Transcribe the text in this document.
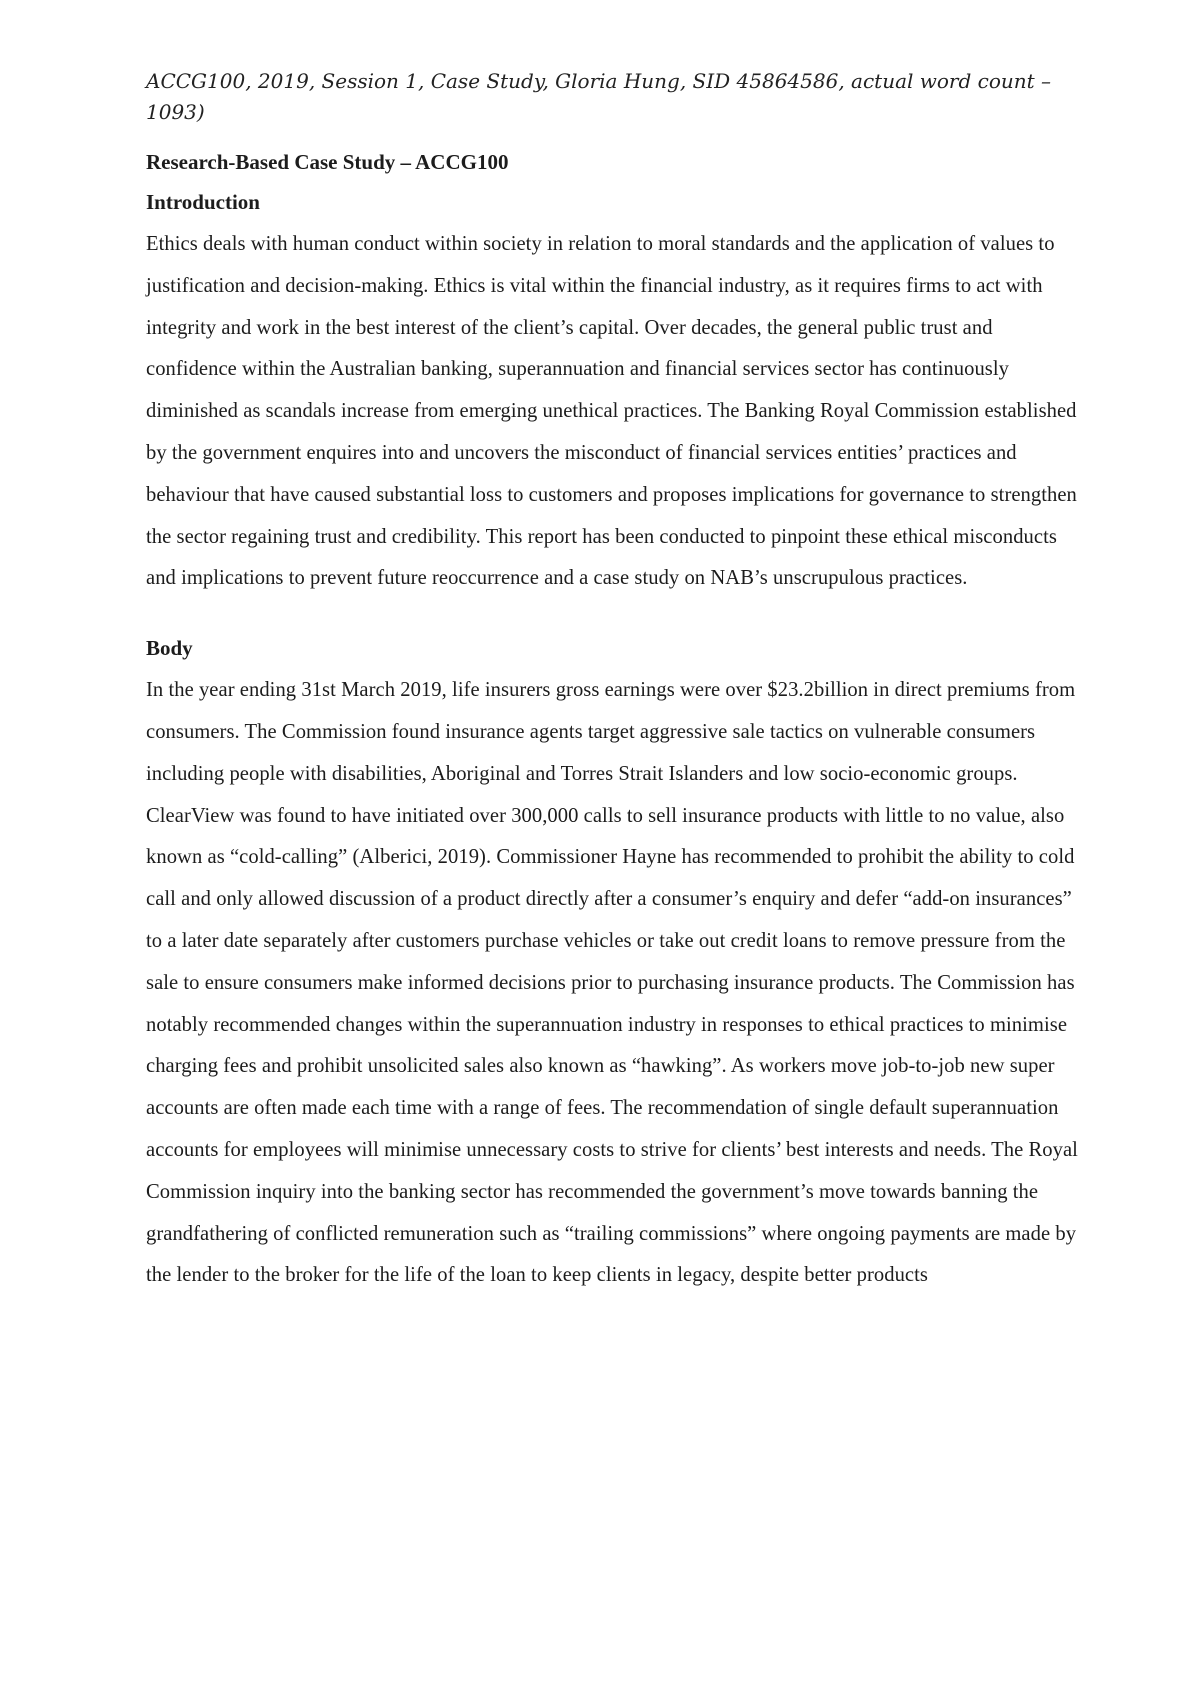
ACCG100, 2019, Session 1, Case Study, Gloria Hung, SID 45864586, actual word count – 1093)

Research-Based Case Study – ACCG100

Introduction

Ethics deals with human conduct within society in relation to moral standards and the application of values to justification and decision-making. Ethics is vital within the financial industry, as it requires firms to act with integrity and work in the best interest of the client’s capital. Over decades, the general public trust and confidence within the Australian banking, superannuation and financial services sector has continuously diminished as scandals increase from emerging unethical practices. The Banking Royal Commission established by the government enquires into and uncovers the misconduct of financial services entities’ practices and behaviour that have caused substantial loss to customers and proposes implications for governance to strengthen the sector regaining trust and credibility. This report has been conducted to pinpoint these ethical misconducts and implications to prevent future reoccurrence and a case study on NAB’s unscrupulous practices.

Body

In the year ending 31st March 2019, life insurers gross earnings were over $23.2billion in direct premiums from consumers. The Commission found insurance agents target aggressive sale tactics on vulnerable consumers including people with disabilities, Aboriginal and Torres Strait Islanders and low socio-economic groups. ClearView was found to have initiated over 300,000 calls to sell insurance products with little to no value, also known as “cold-calling” (Alberici, 2019). Commissioner Hayne has recommended to prohibit the ability to cold call and only allowed discussion of a product directly after a consumer’s enquiry and defer “add-on insurances” to a later date separately after customers purchase vehicles or take out credit loans to remove pressure from the sale to ensure consumers make informed decisions prior to purchasing insurance products. The Commission has notably recommended changes within the superannuation industry in responses to ethical practices to minimise charging fees and prohibit unsolicited sales also known as “hawking”. As workers move job-to-job new super accounts are often made each time with a range of fees. The recommendation of single default superannuation accounts for employees will minimise unnecessary costs to strive for clients’ best interests and needs. The Royal Commission inquiry into the banking sector has recommended the government’s move towards banning the grandfathering of conflicted remuneration such as “trailing commissions” where ongoing payments are made by the lender to the broker for the life of the loan to keep clients in legacy, despite better products
